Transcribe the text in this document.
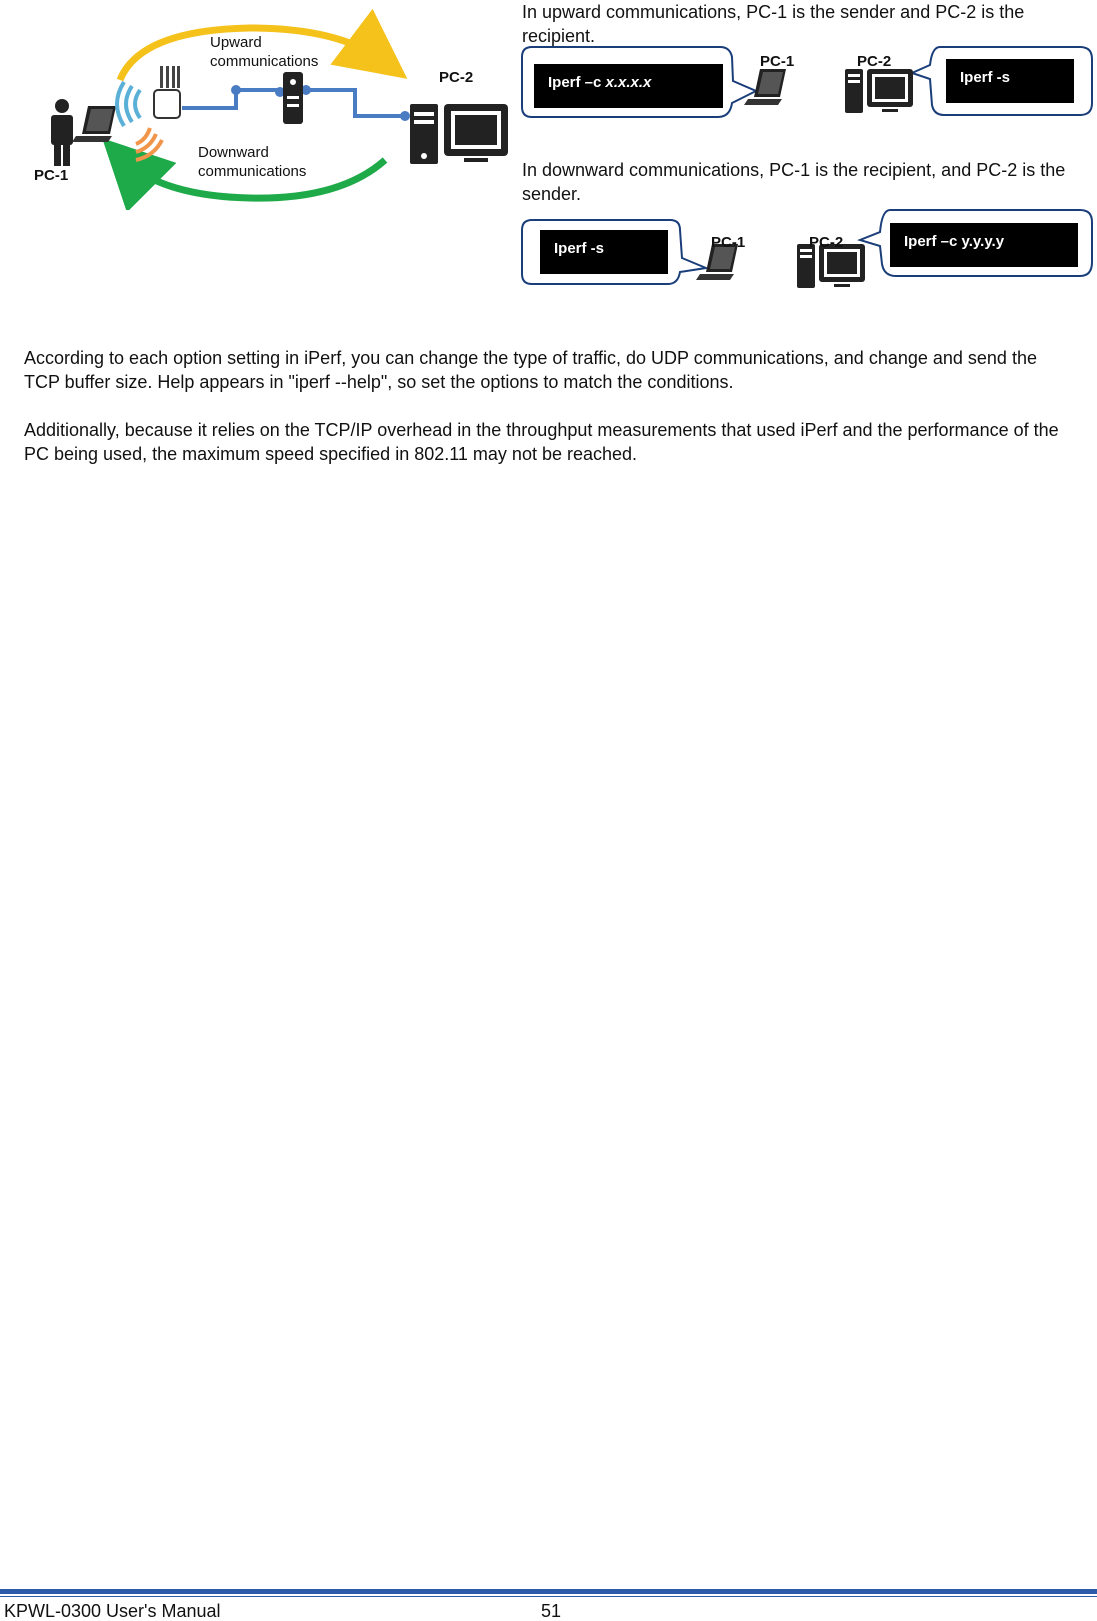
Upward
communications
Downward
communications
PC-1
PC-2
In upward communications, PC-1 is the sender and PC-2 is the recipient.
Iperf –c x.x.x.x	Iperf -s
PC-1	PC-2
In downward communications, PC-1 is the recipient, and PC-2 is the sender.
Iperf -s	Iperf –c y.y.y.y
PC-1	PC-2
According to each option setting in iPerf, you can change the type of traffic, do UDP communications, and change and send the TCP buffer size. Help appears in "iperf --help", so set the options to match the conditions.
Additionally, because it relies on the TCP/IP overhead in the throughput measurements that used iPerf and the performance of the PC being used, the maximum speed specified in 802.11 may not be reached.
KPWL-0300 User's Manual	51
